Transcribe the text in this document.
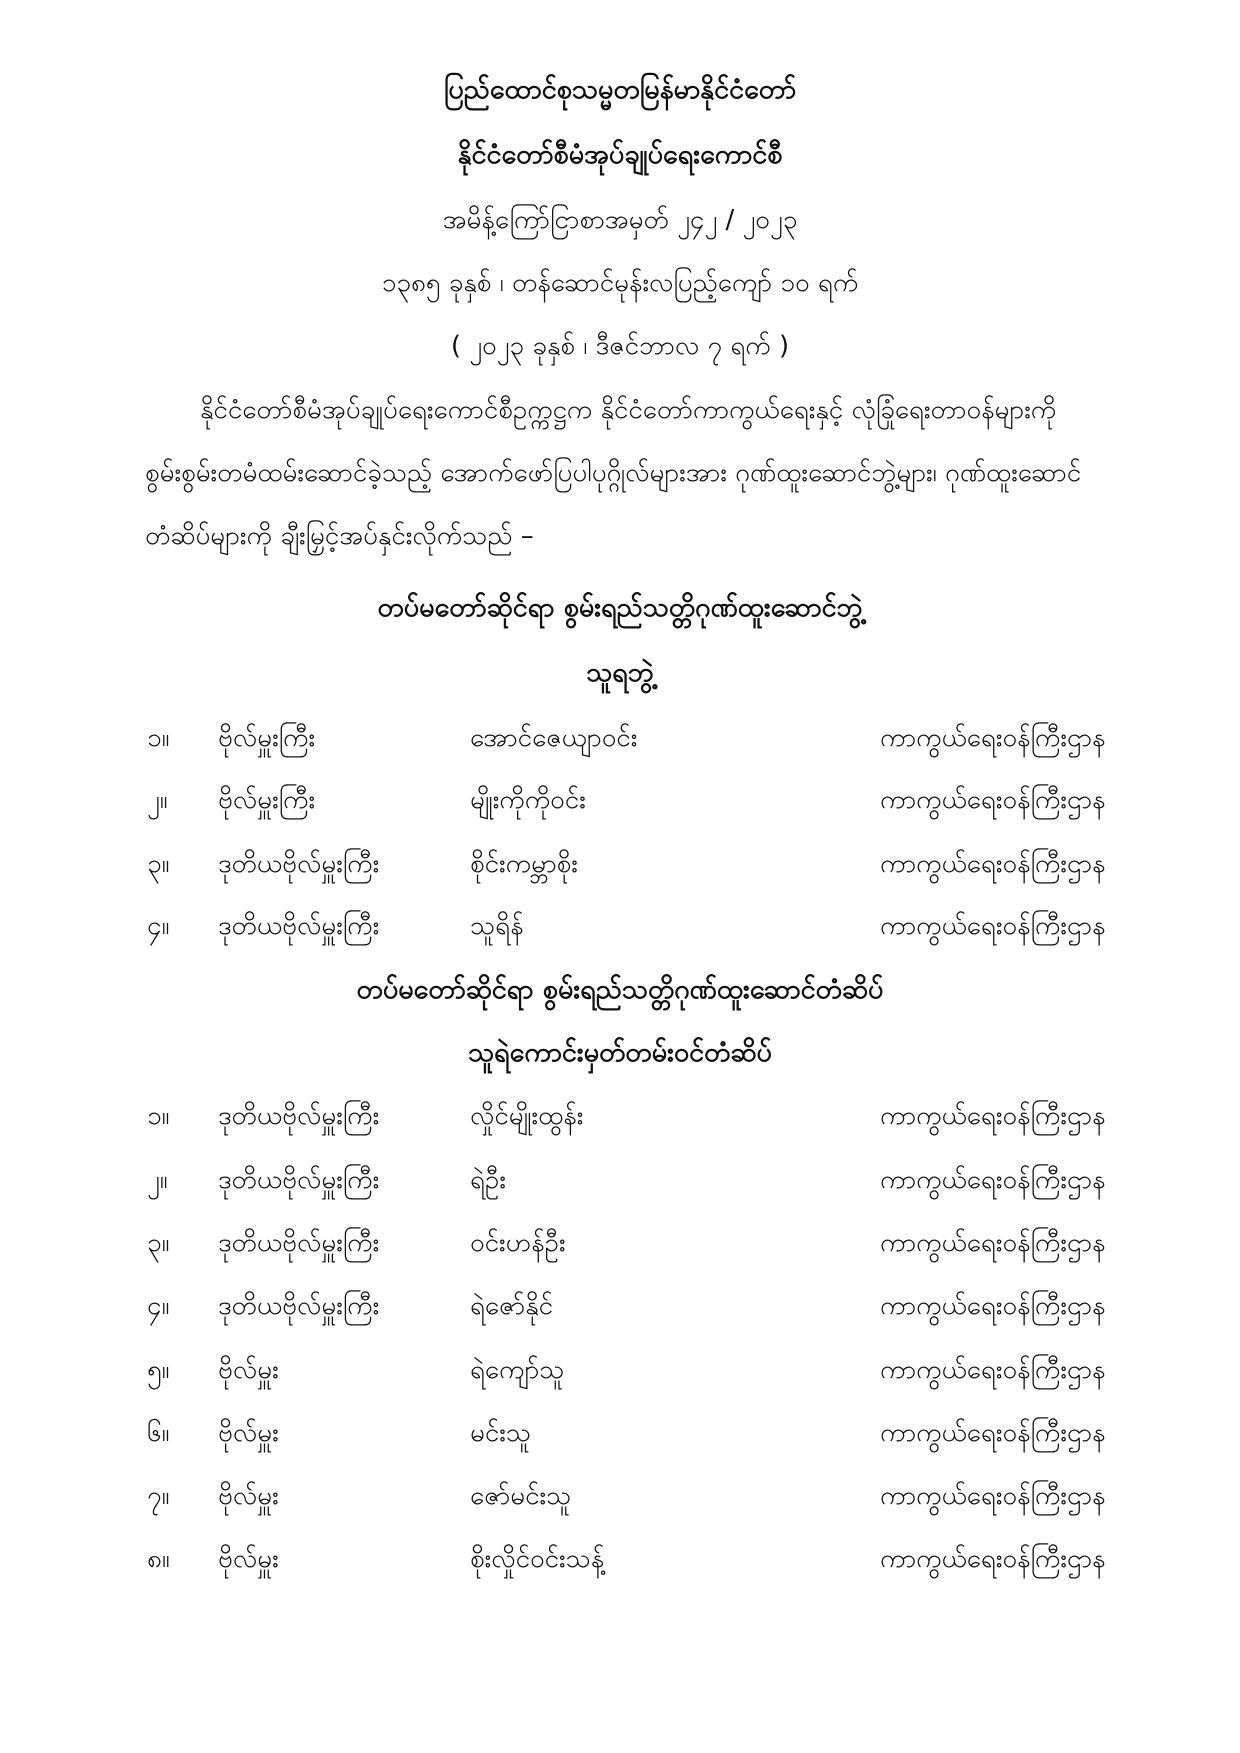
ပြည်ထောင်စုသမ္မတမြန်မာနိုင်ငံတော်
နိုင်ငံတော်စီမံအုပ်ချုပ်ရေးကောင်စီ
အမိန့်ကြော်ငြာစာအမှတ် ၂၄၂ / ၂၀၂၃
၁၃၈၅ ခုနှစ် ၊ တန်ဆောင်မုန်းလပြည့်ကျော် ၁၀ ရက်
( ၂၀၂၃ ခုနှစ် ၊ ဒီဇင်ဘာလ ၇ ရက် )
နိုင်ငံတော်စီမံအုပ်ချုပ်ရေးကောင်စီဥက္ကဋ္ဌက နိုင်ငံတော်ကာကွယ်ရေးနှင့် လုံခြုံရေးတာဝန်များကို
စွမ်းစွမ်းတမံထမ်းဆောင်ခဲ့သည့် အောက်ဖော်ပြပါပုဂ္ဂိုလ်များအား ဂုဏ်ထူးဆောင်ဘွဲ့များ၊ ဂုဏ်ထူးဆောင်
တံဆိပ်များကို ချီးမြှင့်အပ်နှင်းလိုက်သည် –
တပ်မတော်ဆိုင်ရာ စွမ်းရည်သတ္တိဂုဏ်ထူးဆောင်ဘွဲ့
သူရဘွဲ့
၁။ ဗိုလ်မှူးကြီး	အောင်ဇေယျာဝင်း	ကာကွယ်ရေးဝန်ကြီးဌာန
၂။ ဗိုလ်မှူးကြီး	မျိုးကိုကိုဝင်း	ကာကွယ်ရေးဝန်ကြီးဌာန
၃။ ဒုတိယဗိုလ်မှူးကြီး	စိုင်းကမ္ဘာစိုး	ကာကွယ်ရေးဝန်ကြီးဌာန
၄။ ဒုတိယဗိုလ်မှူးကြီး	သူရိန်	ကာကွယ်ရေးဝန်ကြီးဌာန
တပ်မတော်ဆိုင်ရာ စွမ်းရည်သတ္တိဂုဏ်ထူးဆောင်တံဆိပ်
သူရဲကောင်းမှတ်တမ်းဝင်တံဆိပ်
၁။ ဒုတိယဗိုလ်မှူးကြီး	လှိုင်မျိုးထွန်း	ကာကွယ်ရေးဝန်ကြီးဌာန
၂။ ဒုတိယဗိုလ်မှူးကြီး	ရဲဦး	ကာကွယ်ရေးဝန်ကြီးဌာန
၃။ ဒုတိယဗိုလ်မှူးကြီး	ဝင်းဟန်ဦး	ကာကွယ်ရေးဝန်ကြီးဌာန
၄။ ဒုတိယဗိုလ်မှူးကြီး	ရဲဇော်နိုင်	ကာကွယ်ရေးဝန်ကြီးဌာန
၅။ ဗိုလ်မှူး	ရဲကျော်သူ	ကာကွယ်ရေးဝန်ကြီးဌာန
၆။ ဗိုလ်မှူး	မင်းသူ	ကာကွယ်ရေးဝန်ကြီးဌာန
၇။ ဗိုလ်မှူး	ဇော်မင်းသူ	ကာကွယ်ရေးဝန်ကြီးဌာန
၈။ ဗိုလ်မှူး	စိုးလှိုင်ဝင်းသန့်	ကာကွယ်ရေးဝန်ကြီးဌာန
